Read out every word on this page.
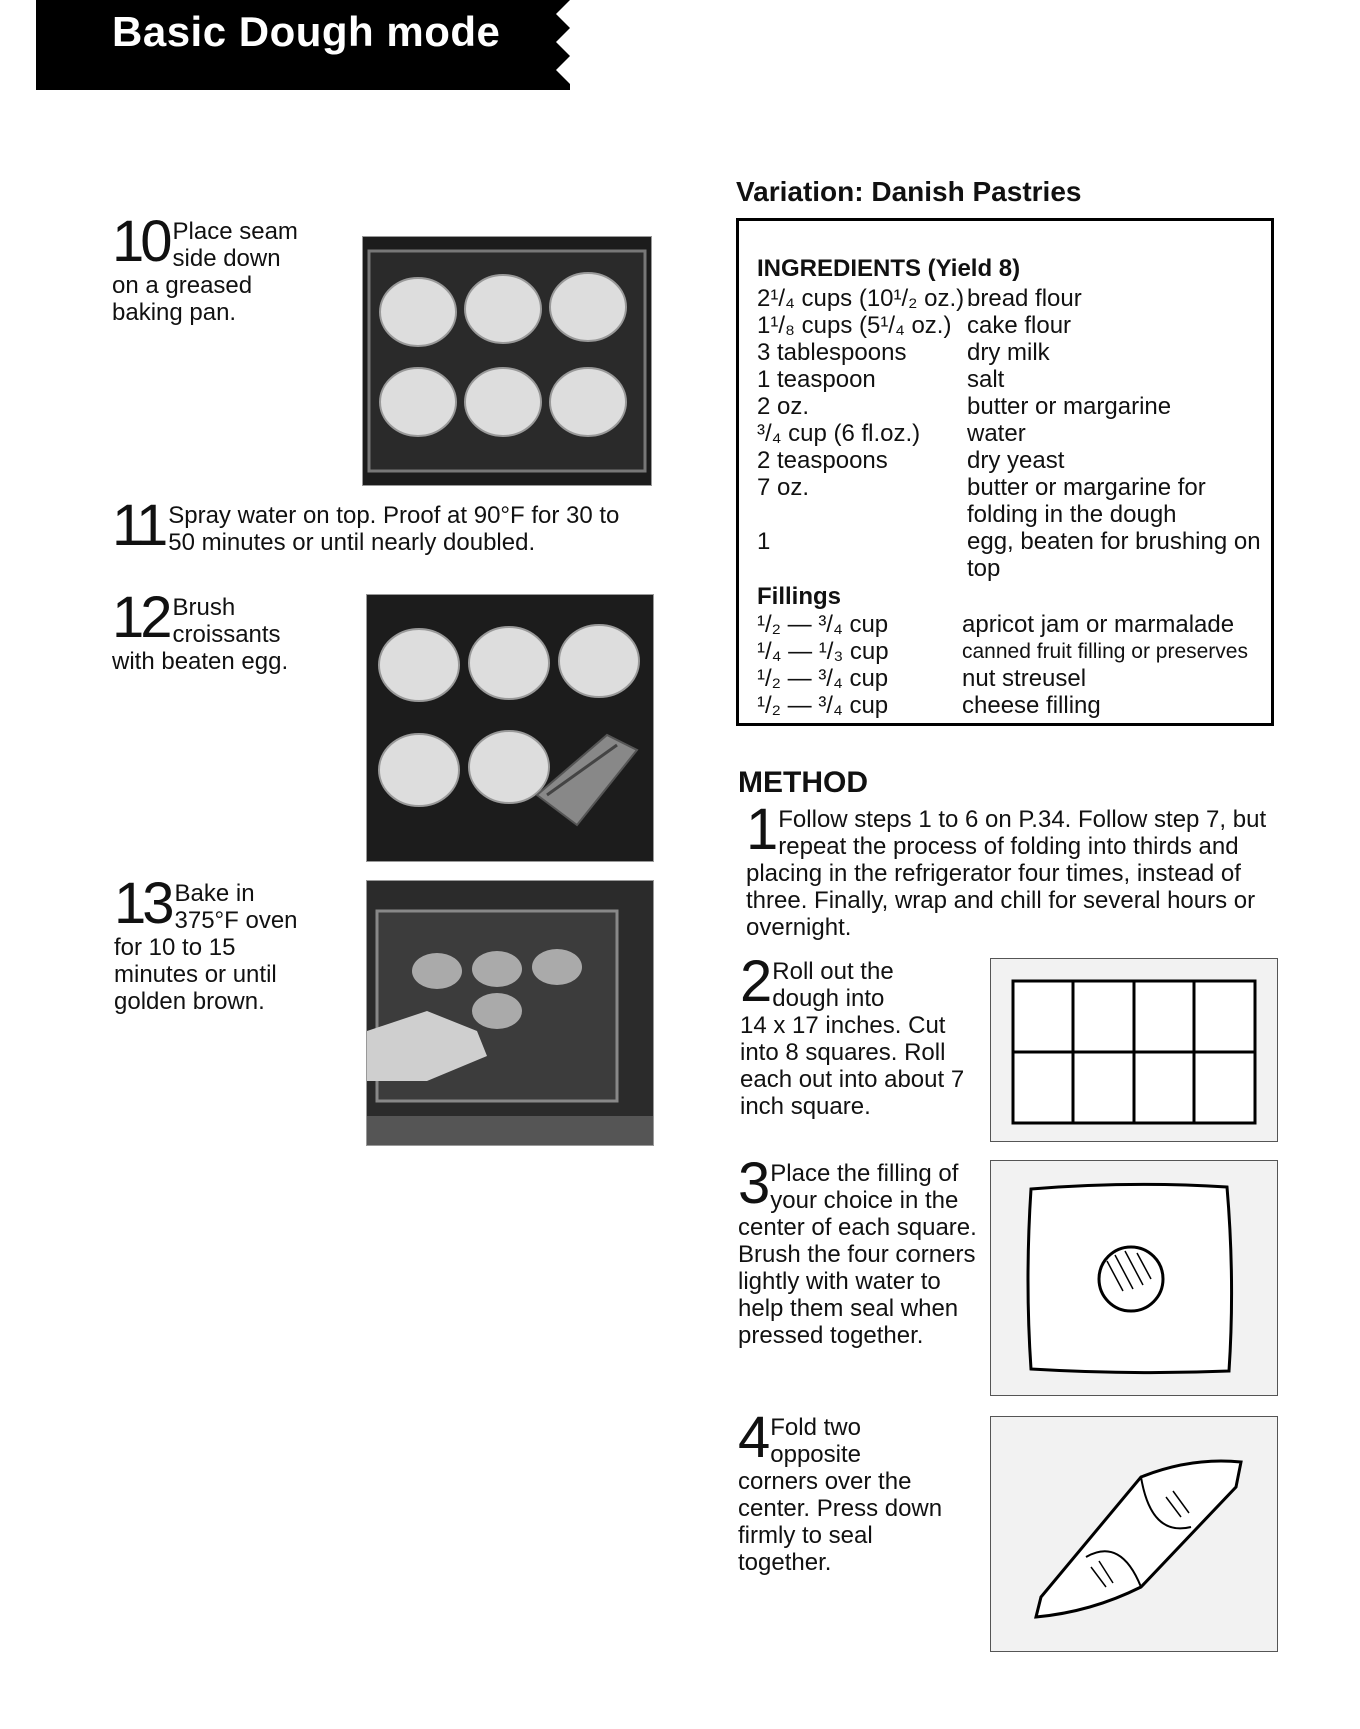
Basic Dough mode
10 Place seam
side down
on a greased baking pan.
11 Spray water on top. Proof at 90°F for 30 to 50 minutes or until nearly doubled.
12 Brush
croissants
with beaten egg.
13 Bake in
375°F oven
for 10 to 15 minutes or until golden brown.
Variation: Danish Pastries
INGREDIENTS (Yield 8)
2¹/₄ cups (10¹/₂ oz.) bread flour
1¹/₈ cups (5¹/₄ oz.) cake flour
3 tablespoons	dry milk
1 teaspoon	salt
2 oz.	butter or margarine
³/₄ cup (6 fl.oz.) water
2 teaspoons	dry yeast
7 oz.	butter or margarine for folding in the dough
1	egg, beaten for brushing on top
Fillings
¹/₂ — ³/₄ cup	apricot jam or marmalade
¹/₄ — ¹/₃ cup	canned fruit filling or preserves
¹/₂ — ³/₄ cup	nut streusel
¹/₂ — ³/₄ cup	cheese filling
METHOD
1 Follow steps 1 to 6 on P.34. Follow step 7, but repeat the process of folding into thirds and placing in the refrigerator four times, instead of three. Finally, wrap and chill for several hours or overnight.
2 Roll out the
dough into
14 x 17 inches. Cut into 8 squares. Roll each out into about 7 inch square.
3 Place the filling of
your choice in the
center of each square. Brush the four corners lightly with water to help them seal when pressed together.
4 Fold two
opposite
corners over the center. Press down firmly to seal together.
